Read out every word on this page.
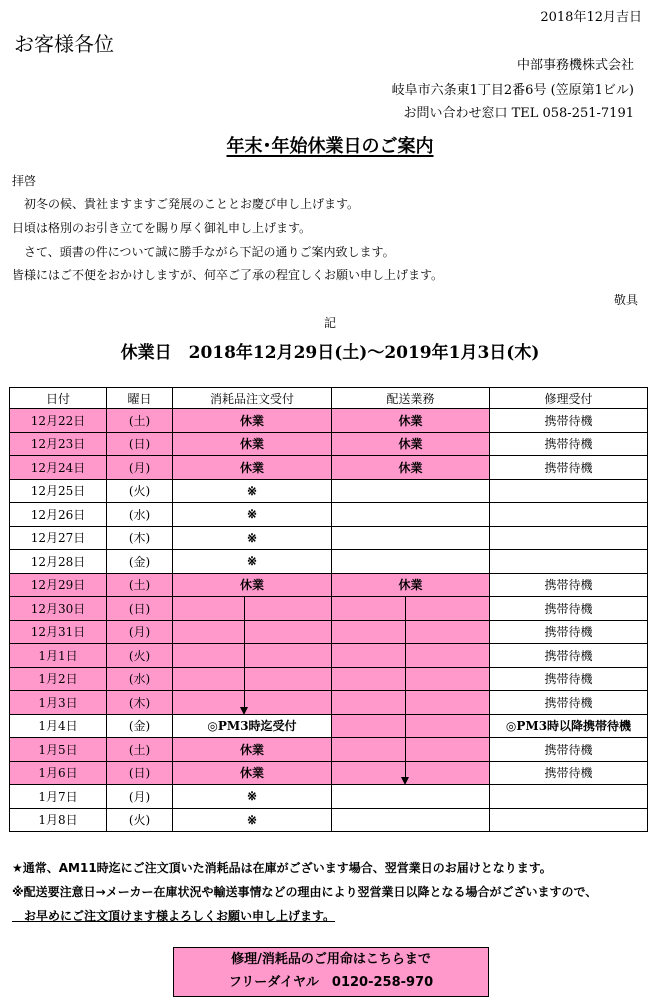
2018年12月吉日
お客様各位
中部事務機株式会社
岐阜市六条東1丁目2番6号 (笠原第1ビル)
お問い合わせ窓口 TEL 058-251-7191
年末･年始休業日のご案内
拝啓
　初冬の候、貴社ますますご発展のこととお慶び申し上げます。
日頃は格別のお引き立てを賜り厚く御礼申し上げます。
　さて、頭書の件について誠に勝手ながら下記の通りご案内致します。
皆様にはご不便をおかけしますが、何卒ご了承の程宜しくお願い申し上げます。
敬具
記
休業日　2018年12月29日(土)～2019年1月3日(木)
日付	曜日	消耗品注文受付	配送業務	修理受付
12月22日	(土)	休業	休業	携帯待機
12月23日	(日)	休業	休業	携帯待機
12月24日	(月)	休業	休業	携帯待機
12月25日	(火)	※		
12月26日	(水)	※		
12月27日	(木)	※		
12月28日	(金)	※		
12月29日	(土)	休業	休業	携帯待機
12月30日	(日)			携帯待機
12月31日	(月)			携帯待機
1月1日	(火)			携帯待機
1月2日	(水)			携帯待機
1月3日	(木)			携帯待機
1月4日	(金)	◎PM3時迄受付		◎PM3時以降携帯待機
1月5日	(土)	休業		携帯待機
1月6日	(日)	休業		携帯待機
1月7日	(月)	※		
1月8日	(火)	※		
★通常、AM11時迄にご注文頂いた消耗品は在庫がございます場合、翌営業日のお届けとなります。
※配送要注意日→メーカー在庫状況や輸送事情などの理由により翌営業日以降となる場合がございますので、
　お早めにご注文頂けます様よろしくお願い申し上げます。
修理/消耗品のご用命はこちらまで
フリーダイヤル　0120-258-970
